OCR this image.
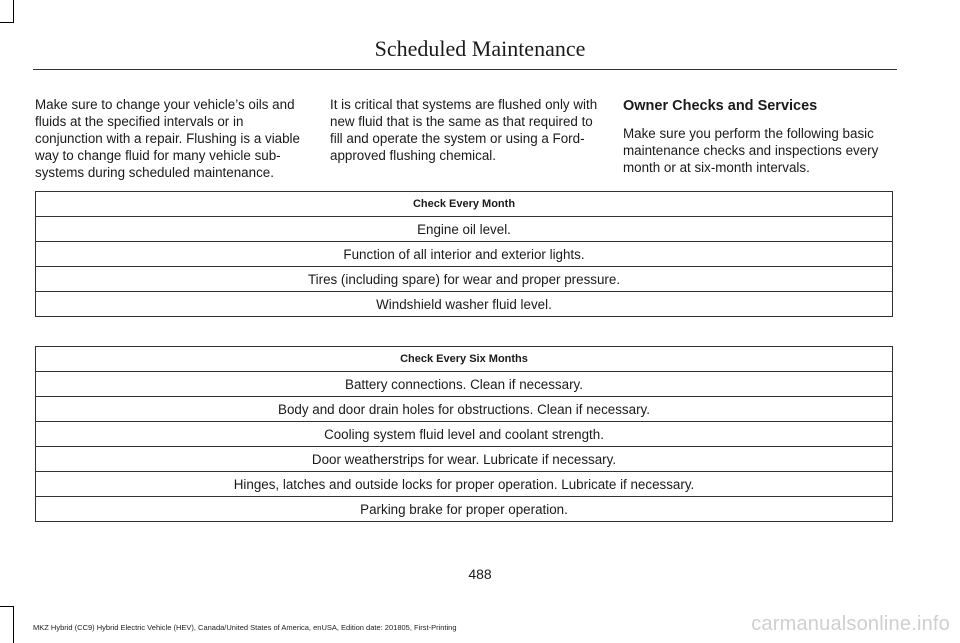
Scheduled Maintenance

Make sure to change your vehicle’s oils and fluids at the specified intervals or in conjunction with a repair. Flushing is a viable way to change fluid for many vehicle sub-systems during scheduled maintenance.

It is critical that systems are flushed only with new fluid that is the same as that required to fill and operate the system or using a Ford-approved flushing chemical.

Owner Checks and Services

Make sure you perform the following basic maintenance checks and inspections every month or at six-month intervals.

Check Every Month
Engine oil level.
Function of all interior and exterior lights.
Tires (including spare) for wear and proper pressure.
Windshield washer fluid level.
Check Every Six Months
Battery connections. Clean if necessary.
Body and door drain holes for obstructions. Clean if necessary.
Cooling system fluid level and coolant strength.
Door weatherstrips for wear. Lubricate if necessary.
Hinges, latches and outside locks for proper operation. Lubricate if necessary.
Parking brake for proper operation.
488
MKZ Hybrid (CC9) Hybrid Electric Vehicle (HEV), Canada/United States of America, enUSA, Edition date: 201805, First-Printing	carmanualsonline.info
